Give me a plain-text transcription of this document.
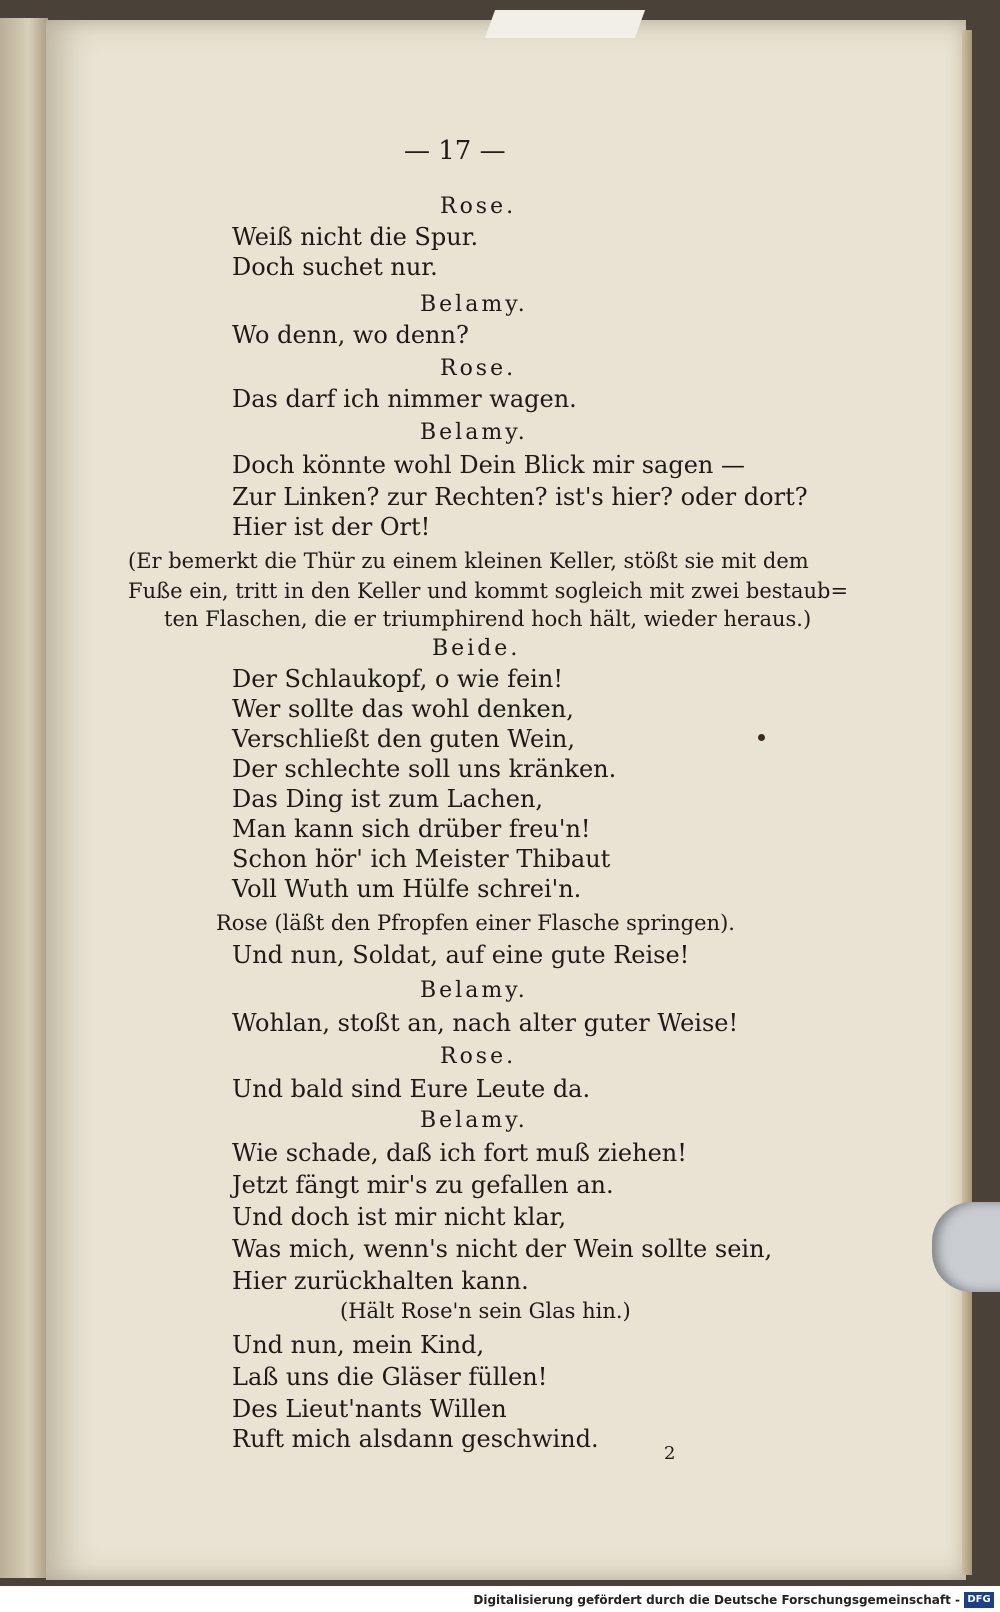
— 17 —
Rose.
Weiß nicht die Spur.
Doch suchet nur.
Belamy.
Wo denn, wo denn?
Rose.
Das darf ich nimmer wagen.
Belamy.
Doch könnte wohl Dein Blick mir sagen —
Zur Linken? zur Rechten? ist's hier? oder dort?
Hier ist der Ort!
(Er bemerkt die Thür zu einem kleinen Keller, stößt sie mit dem
Fuße ein, tritt in den Keller und kommt sogleich mit zwei bestaub=
ten Flaschen, die er triumphirend hoch hält, wieder heraus.)
Beide.
Der Schlaukopf, o wie fein!
Wer sollte das wohl denken,
Verschließt den guten Wein,
Der schlechte soll uns kränken.
Das Ding ist zum Lachen,
Man kann sich drüber freu'n!
Schon hör' ich Meister Thibaut
Voll Wuth um Hülfe schrei'n.
Rose (läßt den Pfropfen einer Flasche springen).
Und nun, Soldat, auf eine gute Reise!
Belamy.
Wohlan, stoßt an, nach alter guter Weise!
Rose.
Und bald sind Eure Leute da.
Belamy.
Wie schade, daß ich fort muß ziehen!
Jetzt fängt mir's zu gefallen an.
Und doch ist mir nicht klar,
Was mich, wenn's nicht der Wein sollte sein,
Hier zurückhalten kann.
(Hält Rose'n sein Glas hin.)
Und nun, mein Kind,
Laß uns die Gläser füllen!
Des Lieut'nants Willen
Ruft mich alsdann geschwind.
2
Digitalisierung gefördert durch die Deutsche Forschungsgemeinschaft - DFG
